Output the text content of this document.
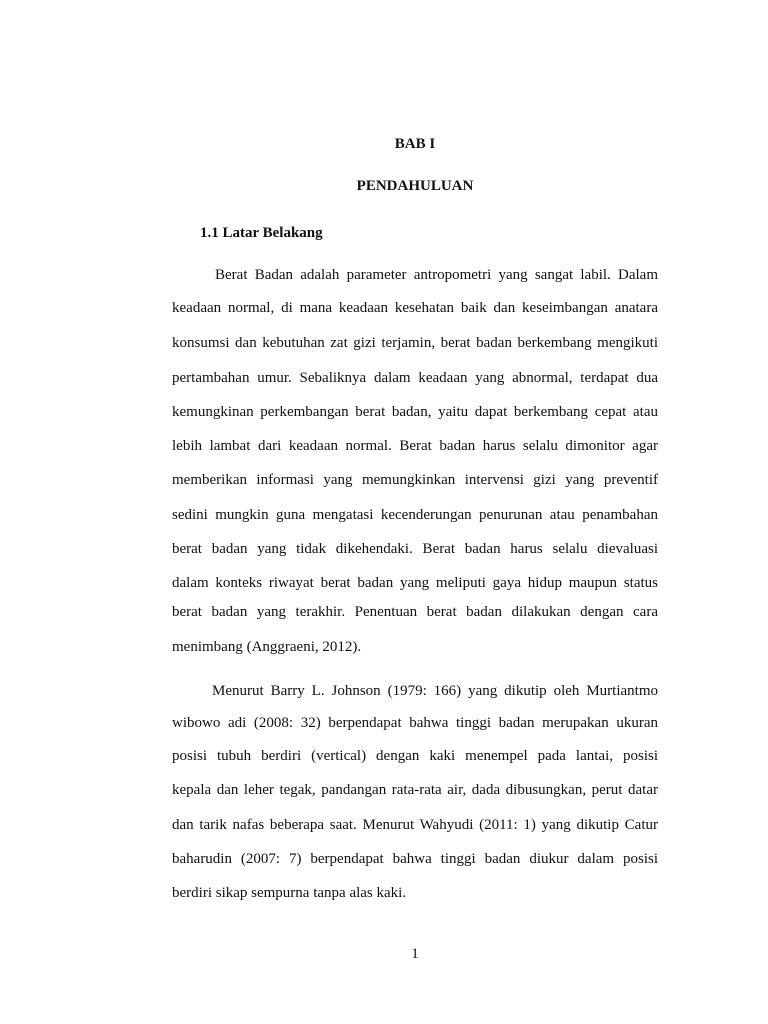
BAB I
PENDAHULUAN
1.1 Latar Belakang
Berat Badan adalah parameter antropometri yang sangat labil. Dalam
keadaan normal, di mana keadaan kesehatan baik dan keseimbangan anatara
konsumsi dan kebutuhan zat gizi terjamin, berat badan berkembang mengikuti
pertambahan umur. Sebaliknya dalam keadaan yang abnormal, terdapat dua
kemungkinan perkembangan berat badan, yaitu dapat berkembang cepat atau
lebih lambat dari keadaan normal. Berat badan harus selalu dimonitor agar
memberikan informasi yang memungkinkan intervensi gizi yang preventif
sedini mungkin guna mengatasi kecenderungan penurunan atau penambahan
berat badan yang tidak dikehendaki. Berat badan harus selalu dievaluasi
dalam konteks riwayat berat badan yang meliputi gaya hidup maupun status
berat badan yang terakhir. Penentuan berat badan dilakukan dengan cara
menimbang (Anggraeni, 2012).
Menurut Barry L. Johnson (1979: 166) yang dikutip oleh Murtiantmo
wibowo adi (2008: 32) berpendapat bahwa tinggi badan merupakan ukuran
posisi tubuh berdiri (vertical) dengan kaki menempel pada lantai, posisi
kepala dan leher tegak, pandangan rata-rata air, dada dibusungkan, perut datar
dan tarik nafas beberapa saat. Menurut Wahyudi (2011: 1) yang dikutip Catur
baharudin (2007: 7) berpendapat bahwa tinggi badan diukur dalam posisi
berdiri sikap sempurna tanpa alas kaki.
1
